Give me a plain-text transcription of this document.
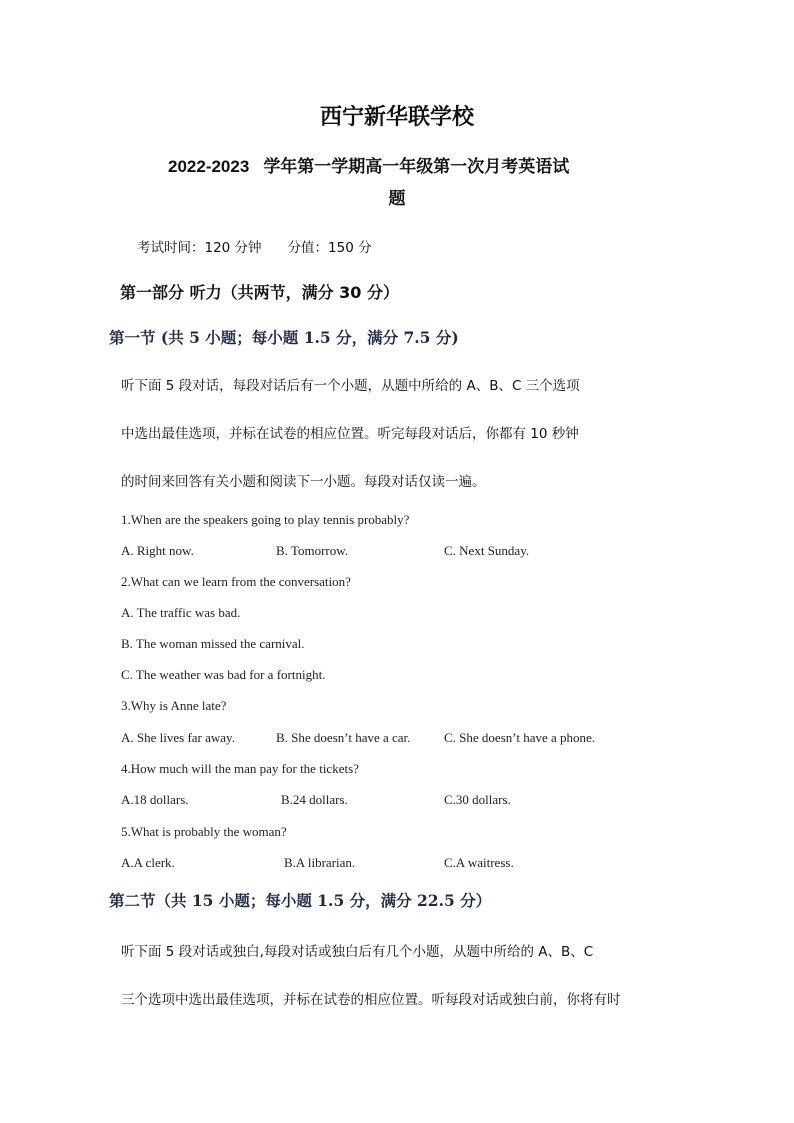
西宁新华联学校
2022-2023 学年第一学期高一年级第一次月考英语试
题
考试时间：120 分钟 分值：150 分
第一部分 听力（共两节，满分 30 分）
第一节 (共 5 小题；每小题 1.5 分，满分 7.5 分)
听下面 5 段对话，每段对话后有一个小题，从题中所给的 A、B、C 三个选项
中选出最佳选项，并标在试卷的相应位置。听完每段对话后，你都有 10 秒钟
的时间来回答有关小题和阅读下一小题。每段对话仅读一遍。
1.When are the speakers going to play tennis probably?
A. Right now.	B. Tomorrow.	C. Next Sunday.
2.What can we learn from the conversation?
A. The traffic was bad.
B. The woman missed the carnival.
C. The weather was bad for a fortnight.
3.Why is Anne late?
A. She lives far away.	B. She doesn’t have a car.	C. She doesn’t have a phone.
4.How much will the man pay for the tickets?
A.18 dollars.	B.24 dollars.	C.30 dollars.
5.What is probably the woman?
A.A clerk.	B.A librarian.	C.A waitress.
第二节（共 15 小题；每小题 1.5 分，满分 22.5 分）
听下面 5 段对话或独白,每段对话或独白后有几个小题，从题中所给的 A、B、C
三个选项中选出最佳选项，并标在试卷的相应位置。听每段对话或独白前，你将有时
